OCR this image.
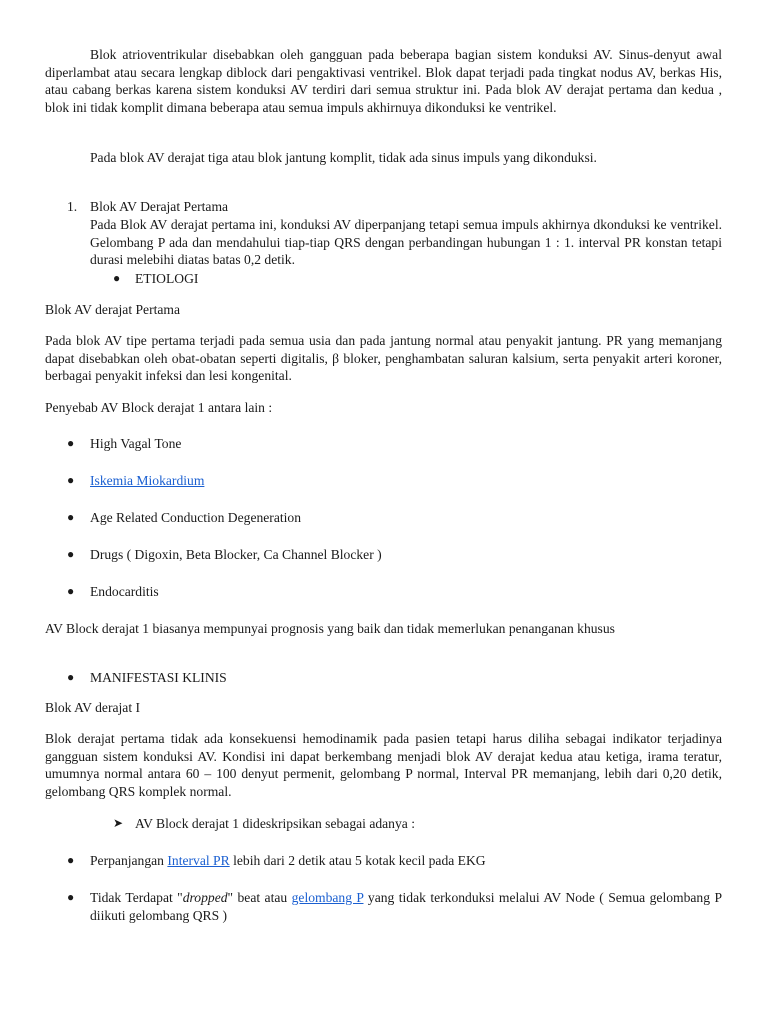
Blok atrioventrikular disebabkan oleh gangguan pada beberapa bagian sistem konduksi AV. Sinus-denyut awal diperlambat atau secara lengkap diblock dari pengaktivasi ventrikel. Blok dapat terjadi pada tingkat nodus AV, berkas His, atau cabang berkas karena sistem konduksi AV terdiri dari semua struktur ini. Pada blok AV derajat pertama dan kedua , blok ini tidak komplit dimana beberapa atau semua impuls akhirnuya dikonduksi ke ventrikel.

Pada blok AV derajat tiga atau blok jantung komplit, tidak ada sinus impuls yang dikonduksi.

1. Blok AV Derajat Pertama

Pada Blok AV derajat pertama ini, konduksi AV diperpanjang tetapi semua impuls akhirnya dkonduksi ke ventrikel. Gelombang P ada dan mendahului tiap-tiap QRS dengan perbandingan hubungan 1 : 1. interval PR konstan tetapi durasi melebihi diatas batas 0,2 detik.

● ETIOLOGI

Blok AV derajat Pertama

Pada blok AV tipe pertama terjadi pada semua usia dan pada jantung normal atau penyakit jantung. PR yang memanjang dapat disebabkan oleh obat-obatan seperti digitalis, β bloker, penghambatan saluran kalsium, serta penyakit arteri koroner, berbagai penyakit infeksi dan lesi kongenital.

Penyebab AV Block derajat 1 antara lain :

● High Vagal Tone

● Iskemia Miokardium

● Age Related Conduction Degeneration

● Drugs ( Digoxin, Beta Blocker, Ca Channel Blocker )

● Endocarditis

AV Block derajat 1 biasanya mempunyai prognosis yang baik dan tidak memerlukan penanganan khusus

● MANIFESTASI KLINIS

Blok AV derajat I

Blok derajat pertama tidak ada konsekuensi hemodinamik pada pasien tetapi harus diliha sebagai indikator terjadinya gangguan sistem konduksi AV. Kondisi ini dapat berkembang menjadi blok AV derajat kedua atau ketiga, irama teratur, umumnya normal antara 60 – 100 denyut permenit, gelombang P normal, Interval PR memanjang, lebih dari 0,20 detik, gelombang QRS komplek normal.

➤ AV Block derajat 1 dideskripsikan sebagai adanya :

● Perpanjangan Interval PR lebih dari 2 detik atau 5 kotak kecil pada EKG

● Tidak Terdapat "dropped" beat atau gelombang P yang tidak terkonduksi melalui AV Node ( Semua gelombang P diikuti gelombang QRS )
